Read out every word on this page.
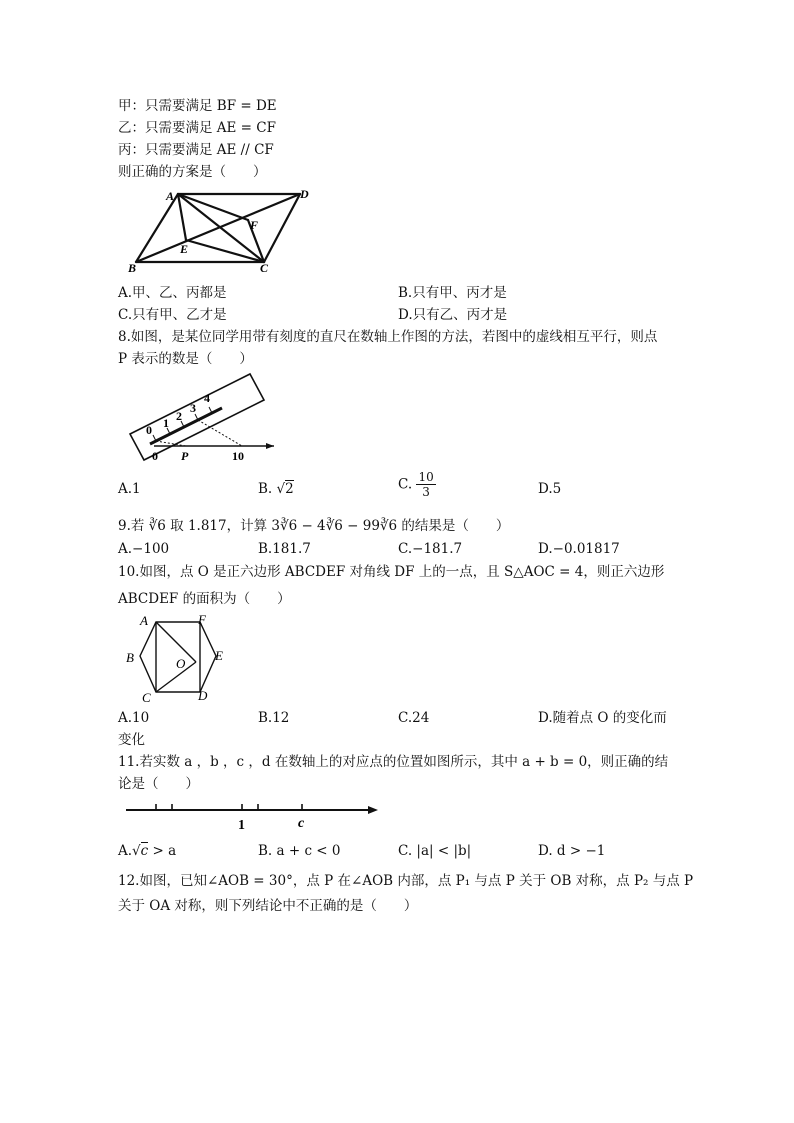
甲：只需要满足 BF = DE
乙：只需要满足 AE = CF
丙：只需要满足 AE // CF
则正确的方案是（　　）
A	D
B	C
E
F
A.甲、乙、丙都是	B.只有甲、丙才是
C.只有甲、乙才是	D.只有乙、丙才是
8.如图，是某位同学用带有刻度的直尺在数轴上作图的方法，若图中的虚线相互平行，则点
P 表示的数是（　　）
0 1 2
3
4
0 P	10
A.1	B. √2	C. $\frac{10}{3}$	D.5
9.若 ∛6 取 1.817，计算 3∛6 − 4∛6 − 99∛6 的结果是（　　）
A.−100	B.181.7	C.−181.7	D.−0.01817
10.如图，点 O 是正六边形 ABCDEF 对角线 DF 上的一点，且 S△AOC = 4，则正六边形
ABCDEF 的面积为（　　）
A	F
B	O
E
C	D
A.10	B.12	C.24	D.随着点 O 的变化而
变化
11.若实数 a ，b ，c ，d 在数轴上的对应点的位置如图所示，其中 a + b = 0，则正确的结
论是（　　）
1	c
A.√c > a	B. a + c < 0	C. |a| < |b|	D. d > −1
12.如图，已知∠AOB = 30°，点 P 在∠AOB 内部，点 P₁ 与点 P 关于 OB 对称，点 P₂ 与点 P
关于 OA 对称，则下列结论中不正确的是（　　）
